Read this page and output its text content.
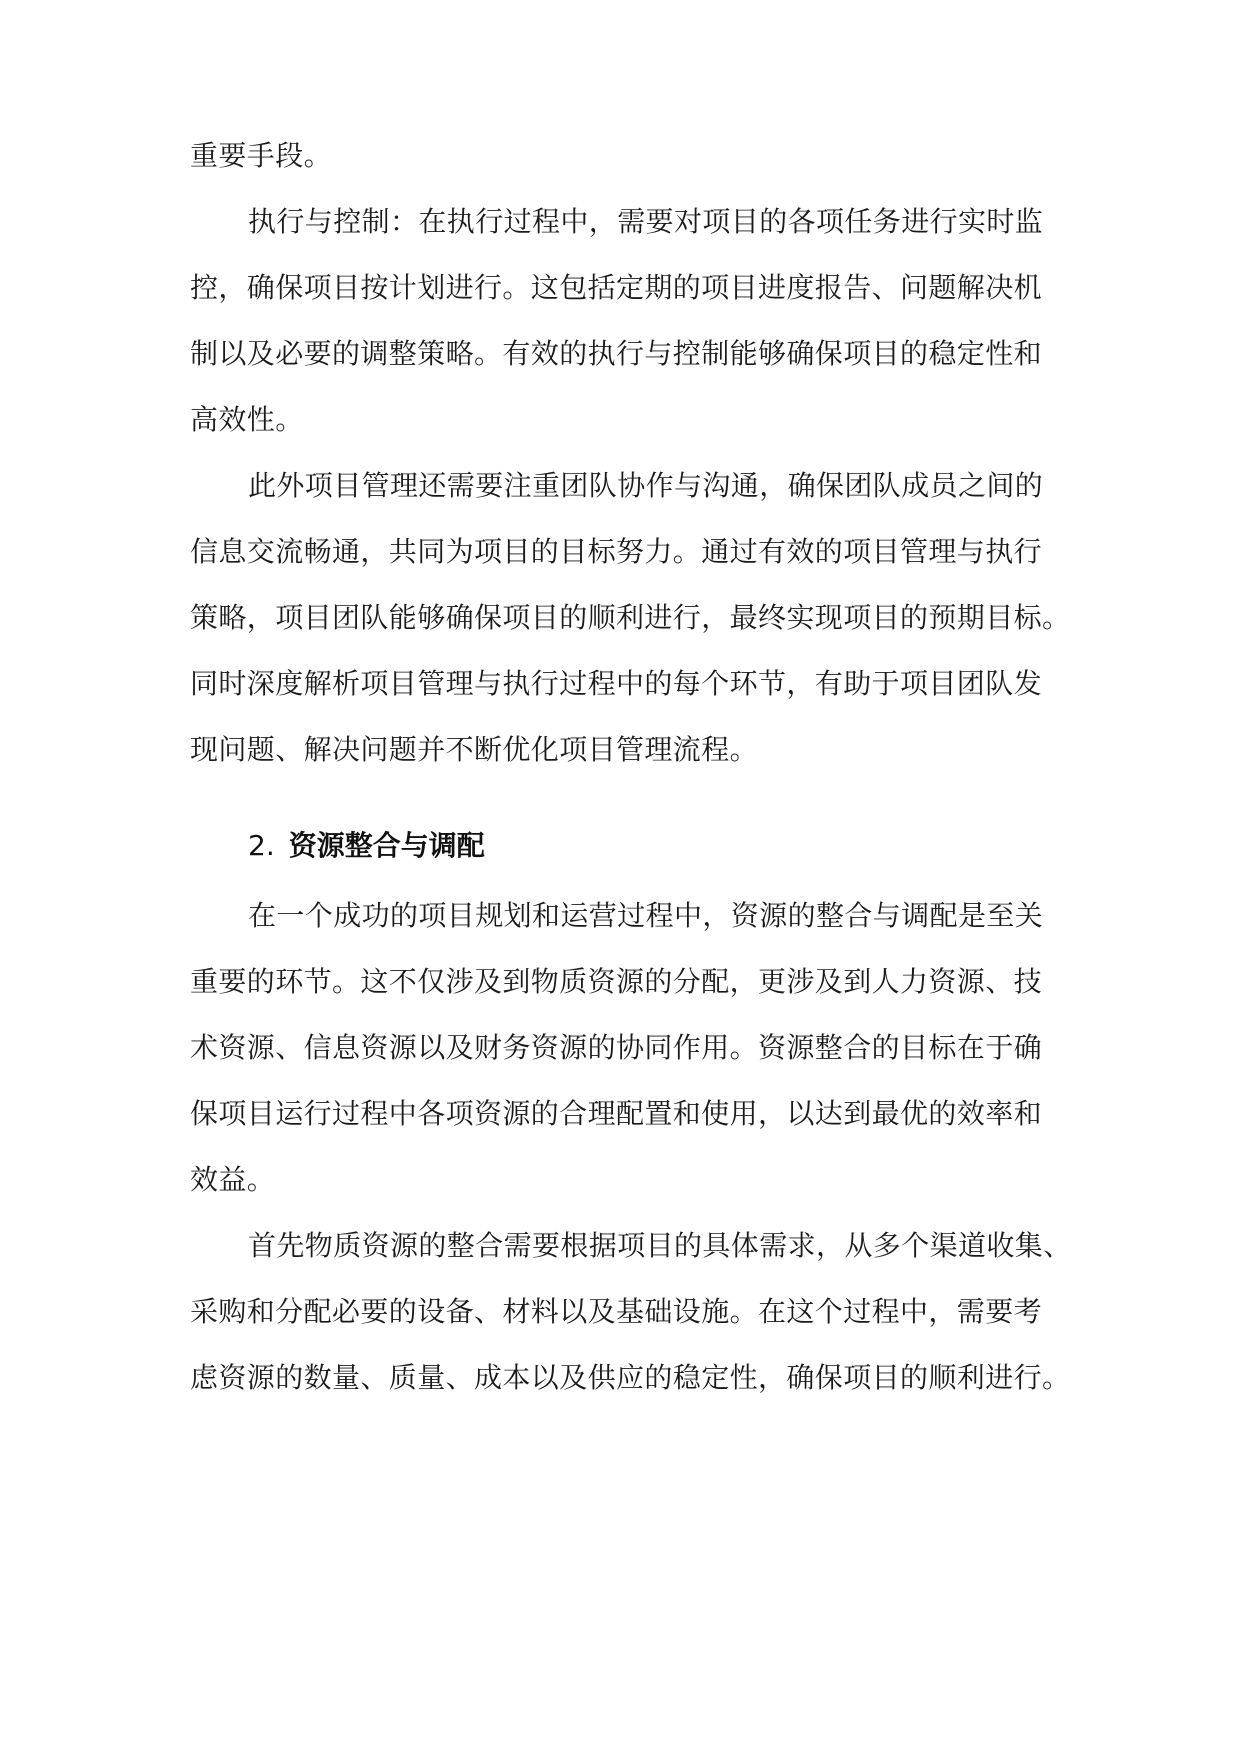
重要手段。
执行与控制：在执行过程中，需要对项目的各项任务进行实时监
控，确保项目按计划进行。这包括定期的项目进度报告、问题解决机
制以及必要的调整策略。有效的执行与控制能够确保项目的稳定性和
高效性。
此外项目管理还需要注重团队协作与沟通，确保团队成员之间的
信息交流畅通，共同为项目的目标努力。通过有效的项目管理与执行
策略，项目团队能够确保项目的顺利进行，最终实现项目的预期目标。
同时深度解析项目管理与执行过程中的每个环节，有助于项目团队发
现问题、解决问题并不断优化项目管理流程。
2. 资源整合与调配
在一个成功的项目规划和运营过程中，资源的整合与调配是至关
重要的环节。这不仅涉及到物质资源的分配，更涉及到人力资源、技
术资源、信息资源以及财务资源的协同作用。资源整合的目标在于确
保项目运行过程中各项资源的合理配置和使用，以达到最优的效率和
效益。
首先物质资源的整合需要根据项目的具体需求，从多个渠道收集、
采购和分配必要的设备、材料以及基础设施。在这个过程中，需要考
虑资源的数量、质量、成本以及供应的稳定性，确保项目的顺利进行。
